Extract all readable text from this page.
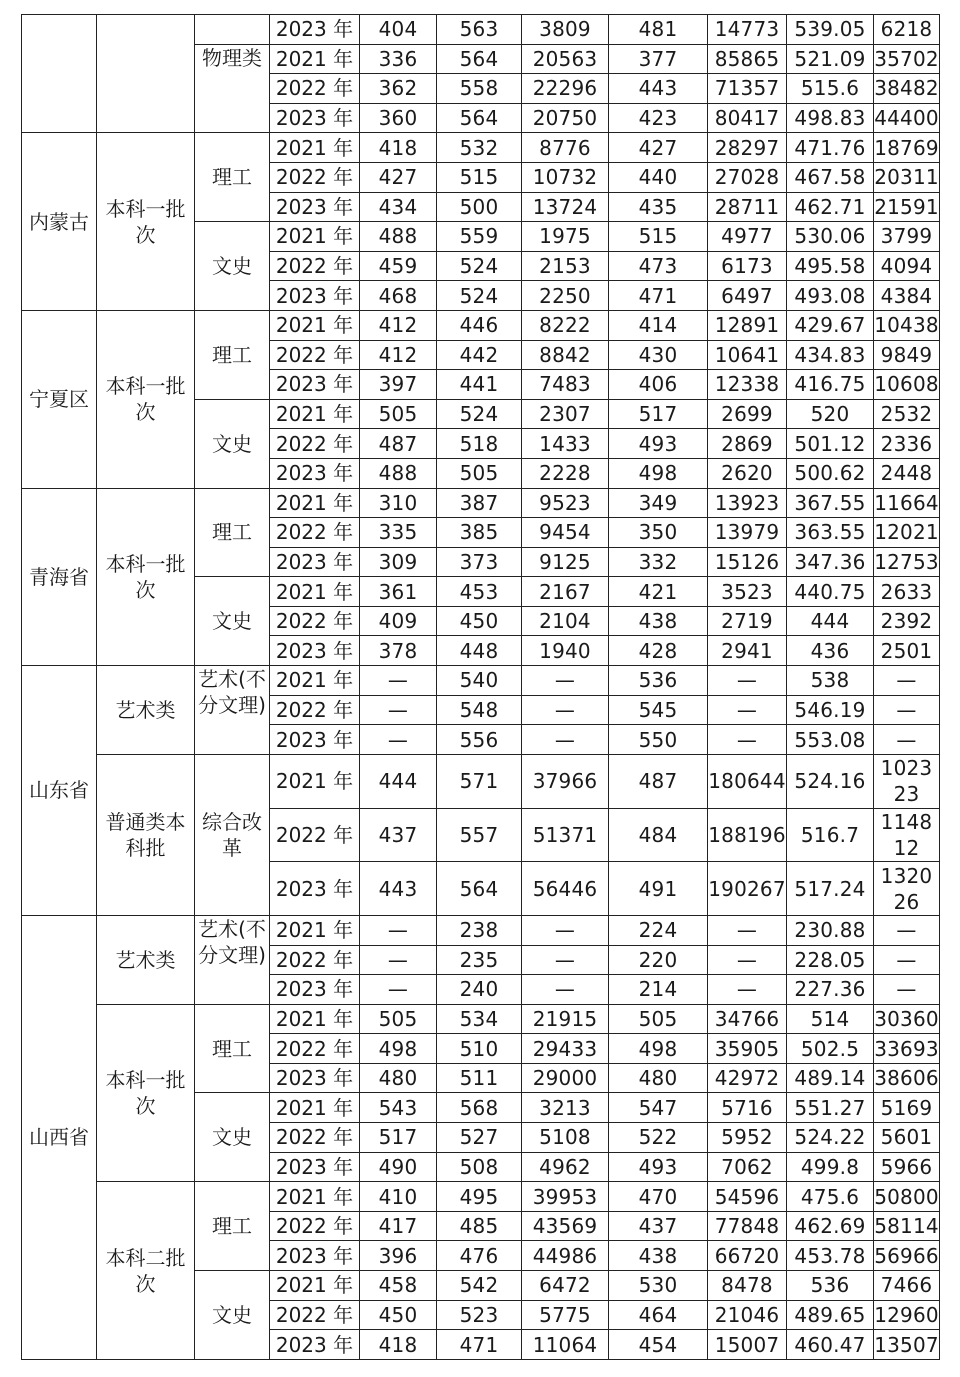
			2023 年	404	563	3809	481	14773	539.05	6218
		物理类	2021 年	336	564	20563	377	85865	521.09	35702
			2022 年	362	558	22296	443	71357	515.6	38482
			2023 年	360	564	20750	423	80417	498.83	44400
内蒙古	本科一批次	理工	2021 年	418	532	8776	427	28297	471.76	18769
			2022 年	427	515	10732	440	27028	467.58	20311
			2023 年	434	500	13724	435	28711	462.71	21591
		文史	2021 年	488	559	1975	515	4977	530.06	3799
			2022 年	459	524	2153	473	6173	495.58	4094
			2023 年	468	524	2250	471	6497	493.08	4384
宁夏区	本科一批次	理工	2021 年	412	446	8222	414	12891	429.67	10438
			2022 年	412	442	8842	430	10641	434.83	9849
			2023 年	397	441	7483	406	12338	416.75	10608
		文史	2021 年	505	524	2307	517	2699	520	2532
			2022 年	487	518	1433	493	2869	501.12	2336
			2023 年	488	505	2228	498	2620	500.62	2448
青海省	本科一批次	理工	2021 年	310	387	9523	349	13923	367.55	11664
			2022 年	335	385	9454	350	13979	363.55	12021
			2023 年	309	373	9125	332	15126	347.36	12753
		文史	2021 年	361	453	2167	421	3523	440.75	2633
			2022 年	409	450	2104	438	2719	444	2392
			2023 年	378	448	1940	428	2941	436	2501
山东省	艺术类	艺术(不分文理)	2021 年	—	540	—	536	—	538	—
			2022 年	—	548	—	545	—	546.19	—
			2023 年	—	556	—	550	—	553.08	—
	普通类本科批	综合改革	2021 年	444	571	37966	487	180644	524.16	102323
			2022 年	437	557	51371	484	188196	516.7	114812
			2023 年	443	564	56446	491	190267	517.24	132026
山西省	艺术类	艺术(不分文理)	2021 年	—	238	—	224	—	230.88	—
			2022 年	—	235	—	220	—	228.05	—
			2023 年	—	240	—	214	—	227.36	—
	本科一批次	理工	2021 年	505	534	21915	505	34766	514	30360
			2022 年	498	510	29433	498	35905	502.5	33693
			2023 年	480	511	29000	480	42972	489.14	38606
		文史	2021 年	543	568	3213	547	5716	551.27	5169
			2022 年	517	527	5108	522	5952	524.22	5601
			2023 年	490	508	4962	493	7062	499.8	5966
	本科二批次	理工	2021 年	410	495	39953	470	54596	475.6	50800
			2022 年	417	485	43569	437	77848	462.69	58114
			2023 年	396	476	44986	438	66720	453.78	56966
		文史	2021 年	458	542	6472	530	8478	536	7466
			2022 年	450	523	5775	464	21046	489.65	12960
			2023 年	418	471	11064	454	15007	460.47	13507
